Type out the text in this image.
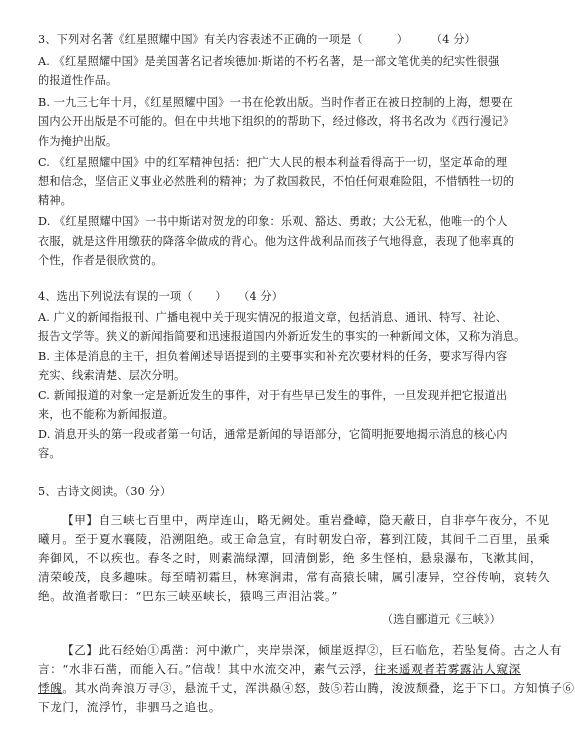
3、下列对名著《红星照耀中国》有关内容表述不正确的一项是（　　　）　　　（4 分）
A. 《红星照耀中国》是美国著名记者埃德加·斯诺的不朽名著，是一部文笔优美的纪实性很强
的报道性作品。
B. 一九三七年十月，《红星照耀中国》一书在伦敦出版。当时作者正在被日控制的上海，想要在
国内公开出版是不可能的。但在中共地下组织的的帮助下，经过修改，将书名改为《西行漫记》
作为掩护出版。
C. 《红星照耀中国》中的红军精神包括：把广大人民的根本利益看得高于一切，坚定革命的理
想和信念，坚信正义事业必然胜利的精神；为了救国救民，不怕任何艰难险阻，不惜牺牲一切的
精神。
D. 《红星照耀中国》一书中斯诺对贺龙的印象：乐观、豁达、勇敢；大公无私，他唯一的个人
衣服，就是这件用缴获的降落伞做成的背心。他为这件战利品而孩子气地得意，表现了他率真的
个性，作者是很欣赏的。
4、选出下列说法有误的一项（　　）　　（4 分）
A. 广义的新闻指报刊、广播电视中关于现实情况的报道文章，包括消息、通讯、特写、社论、
报告文学等。狭义的新闻指简要和迅速报道国内外新近发生的事实的一种新闻文体，又称为消息。
B. 主体是消息的主干，担负着阐述导语提到的主要事实和补充次要材料的任务，要求写得内容
充实、线索清楚、层次分明。
C. 新闻报道的对象一定是新近发生的事件，对于有些早已发生的事件，一旦发现并把它报道出
来，也不能称为新闻报道。
D. 消息开头的第一段或者第一句话，通常是新闻的导语部分，它简明扼要地揭示消息的核心内
容。
5、古诗文阅读。（30 分）
【甲】自三峡七百里中，两岸连山，略无阙处。重岩叠嶂，隐天蔽日，自非亭午夜分，不见
曦月。至于夏水襄陵，沿溯阻绝。或王命急宣，有时朝发白帝，暮到江陵，其间千二百里，虽乘
奔御风，不以疾也。春冬之时，则素湍绿潭，回清倒影，绝 多生怪柏，悬泉瀑布，飞漱其间，
清荣峻茂，良多趣味。每至晴初霜旦，林寒涧肃，常有高猿长啸，属引凄异，空谷传响，哀转久
绝。故渔者歌曰：“巴东三峡巫峡长，猿鸣三声泪沾裳。”
（选自郦道元《三峡》）
【乙】此石经始①禹凿：河中漱广，夹岸崇深，倾崖返捍②，巨石临危，若坠复倚。古之人有
言：“水非石凿，而能入石。”信哉！其中水流交冲，素气云浮，往来遥观者若雾露沾人窥深
悸魄。其水尚奔浪万寻③，悬流千丈，浑洪赑④怒，鼓⑤若山腾，浚波颓叠，迄于下口。方知慎子⑥
下龙门，流浮竹，非驷马之追也。
